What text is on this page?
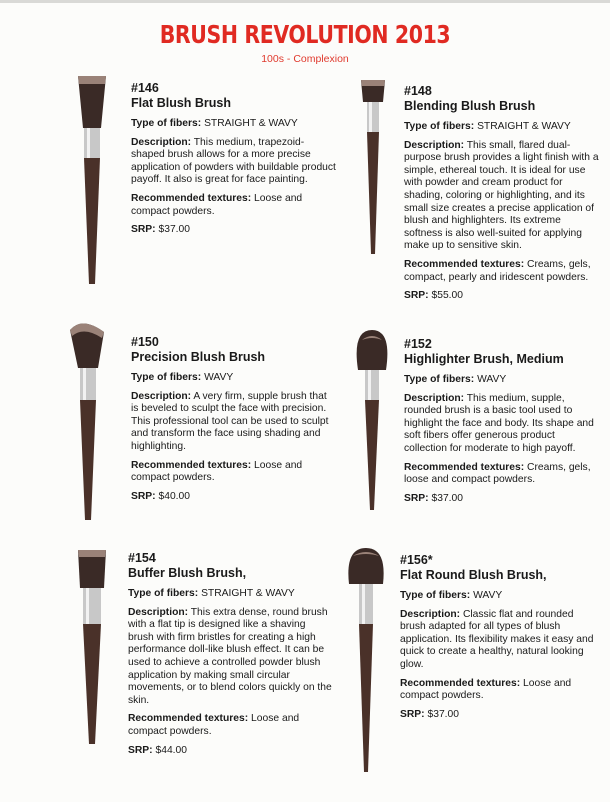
BRUSH REVOLUTION 2013
100s - Complexion
#146
Flat Blush Brush
Type of fibers: STRAIGHT & WAVY
Description: This medium, trapezoid-shaped brush allows for a more precise application of powders with buildable product payoff. It also is great for face painting.
Recommended textures: Loose and compact powders.
SRP: $37.00
#148
Blending Blush Brush
Type of fibers: STRAIGHT & WAVY
Description: This small, flared dual-purpose brush provides a light finish with a simple, ethereal touch. It is ideal for use with powder and cream product for shading, coloring or highlighting, and its small size creates a precise application of blush and highlighters. Its extreme softness is also well-suited for applying make up to sensitive skin.
Recommended textures: Creams, gels, compact, pearly and iridescent powders.
SRP: $55.00
#150
Precision Blush Brush
Type of fibers: WAVY
Description: A very firm, supple brush that is beveled to sculpt the face with precision. This professional tool can be used to sculpt and transform the face using shading and highlighting.
Recommended textures: Loose and compact powders.
SRP: $40.00
#152
Highlighter Brush, Medium
Type of fibers: WAVY
Description: This medium, supple, rounded brush is a basic tool used to highlight the face and body. Its shape and soft fibers offer generous product collection for moderate to high payoff.
Recommended textures: Creams, gels, loose and compact powders.
SRP: $37.00
#154
Buffer Blush Brush,
Type of fibers: STRAIGHT & WAVY
Description: This extra dense, round brush with a flat tip is designed like a shaving brush with firm bristles for creating a high performance doll-like blush effect. It can be used to achieve a controlled powder blush application by making small circular movements, or to blend colors quickly on the skin.
Recommended textures: Loose and compact powders.
SRP: $44.00
#156*
Flat Round Blush Brush,
Type of fibers: WAVY
Description: Classic flat and rounded brush adapted for all types of blush application. Its flexibility makes it easy and quick to create a healthy, natural looking glow.
Recommended textures: Loose and compact powders.
SRP: $37.00
